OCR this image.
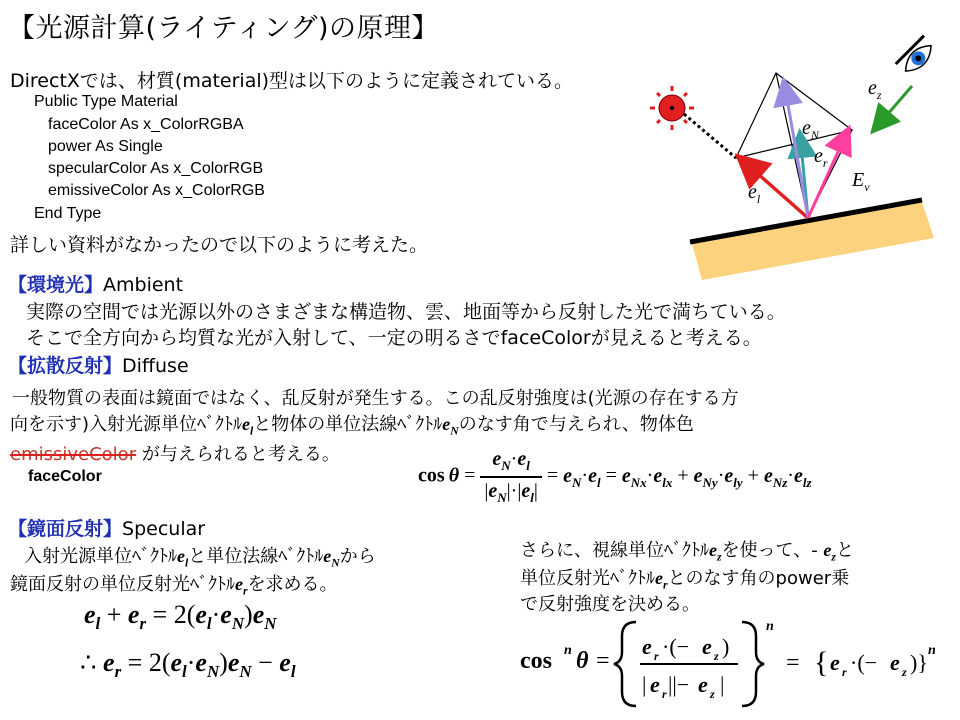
【光源計算(ライティング)の原理】
DirectXでは、材質(material)型は以下のように定義されている。
Public Type Material
faceColor As x_ColorRGBA
power As Single
specularColor As x_ColorRGB
emissiveColor As x_ColorRGB
End Type
詳しい資料がなかったので以下のように考えた。
【環境光】Ambient
実際の空間では光源以外のさまざまな構造物、雲、地面等から反射した光で満ちている。
そこで全方向から均質な光が入射して、一定の明るさでfaceColorが見えると考える。
【拡散反射】Diffuse
一般物質の表面は鏡面ではなく、乱反射が発生する。この乱反射強度は(光源の存在する方
向を示す)入射光源単位ﾍﾞｸﾄﾙ$e_l$と物体の単位法線ﾍﾞｸﾄﾙ$e_N$のなす角で与えられ、物体色
emissiveColor が与えられると考える。
faceColor	$\cos \theta = \frac{e_N\cdot e_l}{|e_N|\cdot|e_l|} = e_N\cdot e_l = e_{Nx}\cdot e_{lx} + e_{Ny}\cdot e_{ly} + e_{Nz}\cdot e_{lz}$
【鏡面反射】Specular
入射光源単位ﾍﾞｸﾄﾙ$e_l$と単位法線ﾍﾞｸﾄﾙ$e_N$から
鏡面反射の単位反射光ﾍﾞｸﾄﾙ$e_r$を求める。
$e_l + e_r = 2(e_l\cdot e_N)e_N$
∴ $e_r = 2(e_l\cdot e_N)e_N - e_l$
さらに、視線単位ﾍﾞｸﾄﾙ$e_z$を使って、- $e_z$と
単位反射光ﾍﾞｸﾄﾙ$e_r$とのなす角のpower乗
で反射強度を決める。
cos n θ =
e r ·(− e z )
| e r ||− e z |
n
= { e r ·(− e z )} n
$e_z$
$e_N$
$e_r$
$E_v$
$e_l$
